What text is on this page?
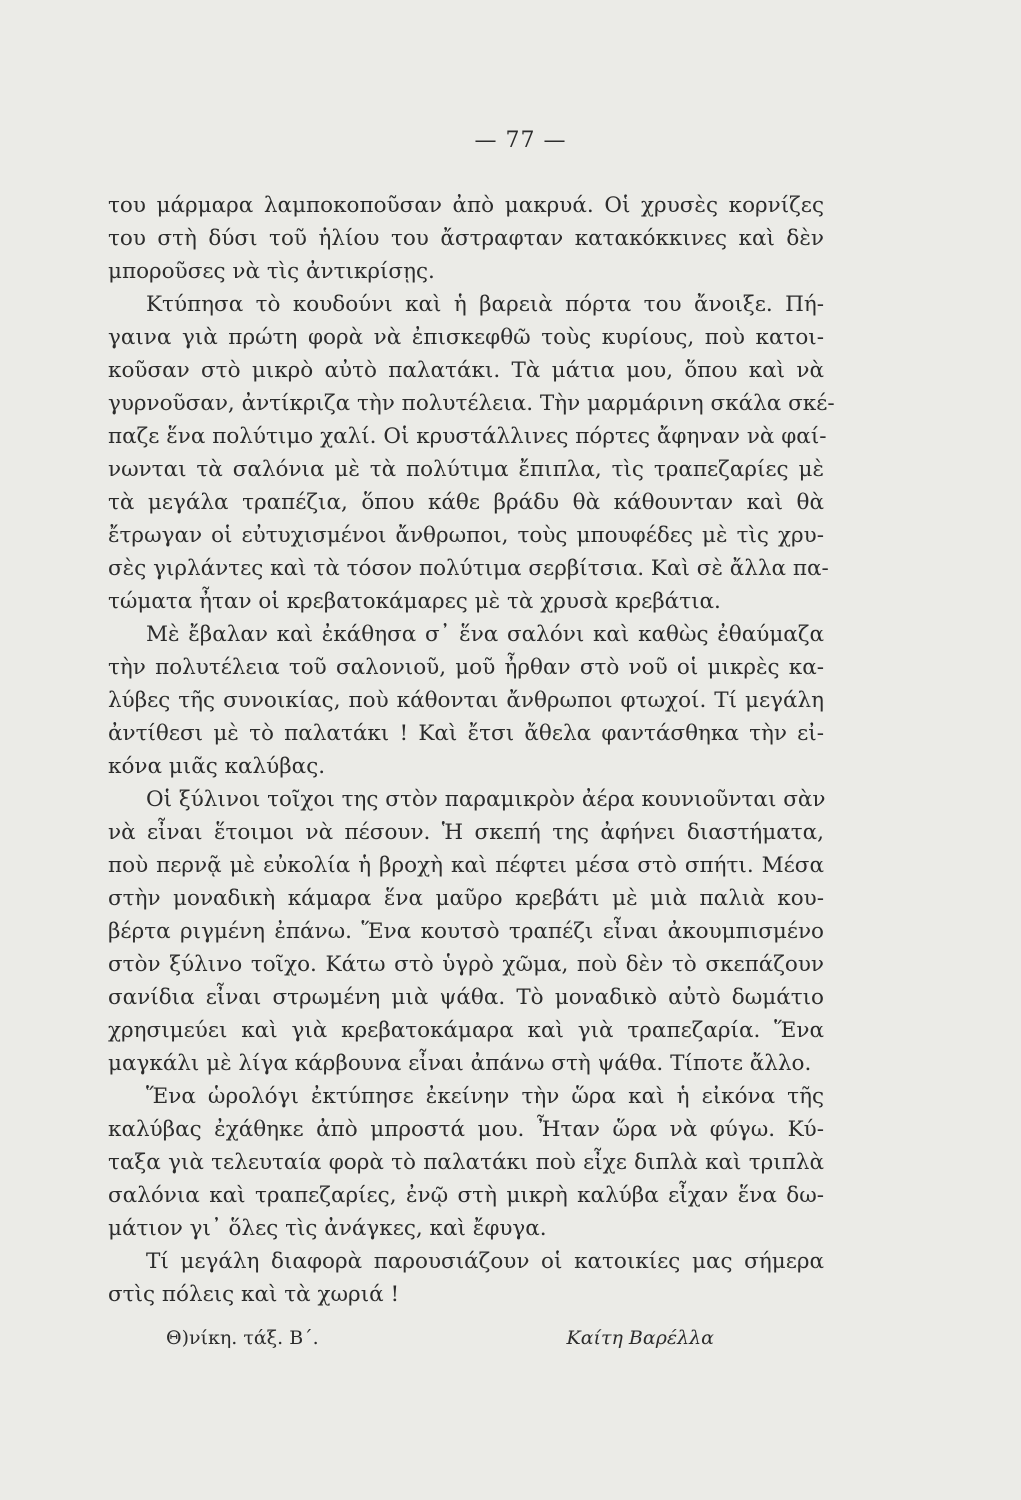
— 77 —
του μάρμαρα λαμποκοποῦσαν ἀπὸ μακρυά. Οἱ χρυσὲς κορνίζες
του στὴ δύσι τοῦ ἡλίου του ἄστραφταν κατακόκκινες καὶ δὲν
μποροῦσες νὰ τὶς ἀντικρίσῃς.
Κτύπησα τὸ κουδούνι καὶ ἡ βαρειὰ πόρτα του ἄνοιξε. Πή-
γαινα γιὰ πρώτη φορὰ νὰ ἐπισκεφθῶ τοὺς κυρίους, ποὺ κατοι-
κοῦσαν στὸ μικρὸ αὐτὸ παλατάκι. Τὰ μάτια μου, ὅπου καὶ νὰ
γυρνοῦσαν, ἀντίκριζα τὴν πολυτέλεια. Τὴν μαρμάρινη σκάλα σκέ-
παζε ἕνα πολύτιμο χαλί. Οἱ κρυστάλλινες πόρτες ἄφηναν νὰ φαί-
νωνται τὰ σαλόνια μὲ τὰ πολύτιμα ἔπιπλα, τὶς τραπεζαρίες μὲ
τὰ μεγάλα τραπέζια, ὅπου κάθε βράδυ θὰ κάθουνταν καὶ θὰ
ἔτρωγαν οἱ εὐτυχισμένοι ἄνθρωποι, τοὺς μπουφέδες μὲ τὶς χρυ-
σὲς γιρλάντες καὶ τὰ τόσον πολύτιμα σερβίτσια. Καὶ σὲ ἄλλα πα-
τώματα ἦταν οἱ κρεβατοκάμαρες μὲ τὰ χρυσὰ κρεβάτια.
Μὲ ἔβαλαν καὶ ἐκάθησα σ᾿ ἕνα σαλόνι καὶ καθὼς ἐθαύμαζα
τὴν πολυτέλεια τοῦ σαλονιοῦ, μοῦ ἦρθαν στὸ νοῦ οἱ μικρὲς κα-
λύβες τῆς συνοικίας, ποὺ κάθονται ἄνθρωποι φτωχοί. Τί μεγάλη
ἀντίθεσι μὲ τὸ παλατάκι ! Καὶ ἔτσι ἄθελα φαντάσθηκα τὴν εἰ-
κόνα μιᾶς καλύβας.
Οἱ ξύλινοι τοῖχοι της στὸν παραμικρὸν ἀέρα κουνιοῦνται σὰν
νὰ εἶναι ἕτοιμοι νὰ πέσουν. Ἡ σκεπή της ἀφήνει διαστήματα,
ποὺ περνᾷ μὲ εὐκολία ἡ βροχὴ καὶ πέφτει μέσα στὸ σπήτι. Μέσα
στὴν μοναδικὴ κάμαρα ἕνα μαῦρο κρεβάτι μὲ μιὰ παλιὰ κου-
βέρτα ριγμένη ἐπάνω. Ἕνα κουτσὸ τραπέζι εἶναι ἀκουμπισμένο
στὸν ξύλινο τοῖχο. Κάτω στὸ ὑγρὸ χῶμα, ποὺ δὲν τὸ σκεπάζουν
σανίδια εἶναι στρωμένη μιὰ ψάθα. Τὸ μοναδικὸ αὐτὸ δωμάτιο
χρησιμεύει καὶ γιὰ κρεβατοκάμαρα καὶ γιὰ τραπεζαρία. Ἕνα
μαγκάλι μὲ λίγα κάρβουνα εἶναι ἀπάνω στὴ ψάθα. Τίποτε ἄλλο.
Ἕνα ὡρολόγι ἐκτύπησε ἐκείνην τὴν ὥρα καὶ ἡ εἰκόνα τῆς
καλύβας ἐχάθηκε ἀπὸ μπροστά μου. Ἦταν ὥρα νὰ φύγω. Κύ-
ταξα γιὰ τελευταία φορὰ τὸ παλατάκι ποὺ εἶχε διπλὰ καὶ τριπλὰ
σαλόνια καὶ τραπεζαρίες, ἐνῷ στὴ μικρὴ καλύβα εἶχαν ἕνα δω-
μάτιον γι᾿ ὅλες τὶς ἀνάγκες, καὶ ἔφυγα.
Τί μεγάλη διαφορὰ παρουσιάζουν οἱ κατοικίες μας σήμερα
στὶς πόλεις καὶ τὰ χωριά !
Θ)νίκη. τάξ. Β΄.	Καίτη Βαρέλλα
